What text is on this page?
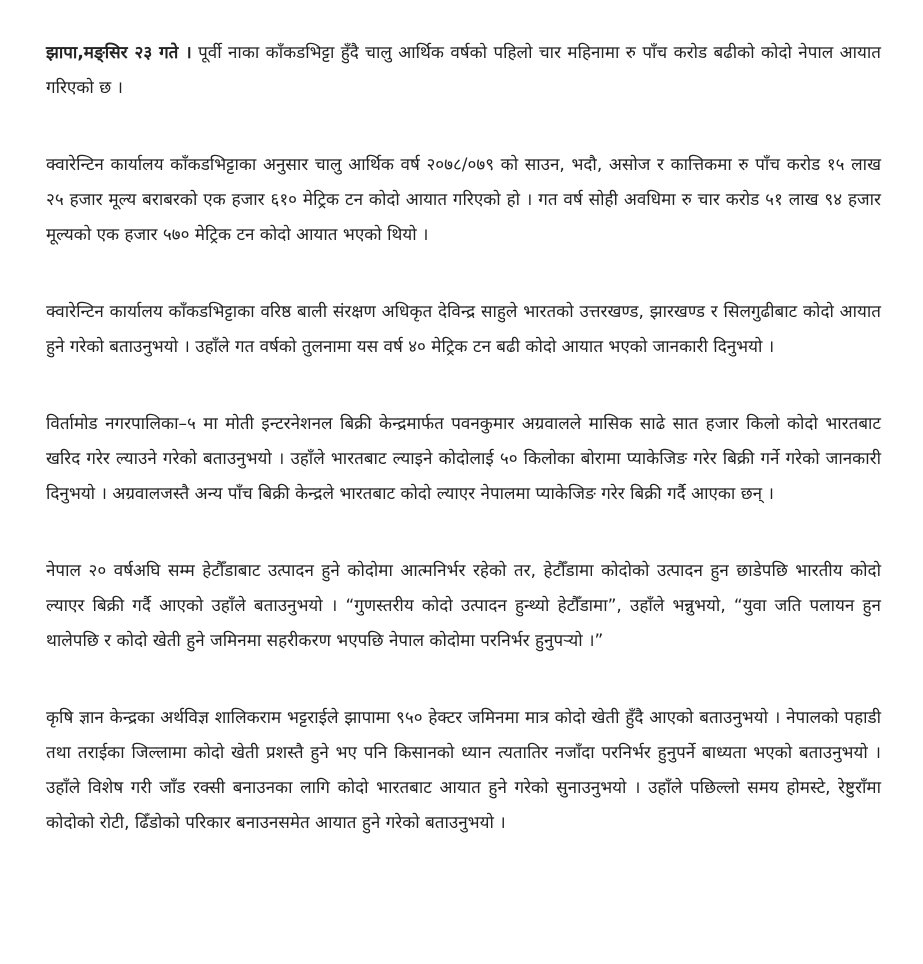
झापा,मङ्सिर २३ गते । पूर्वी नाका काँकडभिट्टा हुँदै चालु आर्थिक वर्षको पहिलो चार महिनामा रु पाँच करोड बढीको कोदो नेपाल आयात गरिएको छ ।

क्वारेन्टिन कार्यालय काँकडभिट्टाका अनुसार चालु आर्थिक वर्ष २०७८/०७९ को साउन, भदौ, असोज र कात्तिकमा रु पाँच करोड १५ लाख २५ हजार मूल्य बराबरको एक हजार ६१० मेट्रिक टन कोदो आयात गरिएको हो । गत वर्ष सोही अवधिमा रु चार करोड ५१ लाख ९४ हजार मूल्यको एक हजार ५७० मेट्रिक टन कोदो आयात भएको थियो ।

क्वारेन्टिन कार्यालय काँकडभिट्टाका वरिष्ठ बाली संरक्षण अधिकृत देविन्द्र साहुले भारतको उत्तरखण्ड, झारखण्ड र सिलगुढीबाट कोदो आयात हुने गरेको बताउनुभयो । उहाँले गत वर्षको तुलनामा यस वर्ष ४० मेट्रिक टन बढी कोदो आयात भएको जानकारी दिनुभयो ।

विर्तामोड नगरपालिका–५ मा मोती इन्टरनेशनल बिक्री केन्द्रमार्फत पवनकुमार अग्रवालले मासिक साढे सात हजार किलो कोदो भारतबाट खरिद गरेर ल्याउने गरेको बताउनुभयो । उहाँले भारतबाट ल्याइने कोदोलाई ५० किलोका बोरामा प्याकेजिङ गरेर बिक्री गर्ने गरेको जानकारी दिनुभयो । अग्रवालजस्तै अन्य पाँच बिक्री केन्द्रले भारतबाट कोदो ल्याएर नेपालमा प्याकेजिङ गरेर बिक्री गर्दै आएका छन् ।

नेपाल २० वर्षअघि सम्म हेटौँडाबाट उत्पादन हुने कोदोमा आत्मनिर्भर रहेको तर, हेटौँडामा कोदोको उत्पादन हुन छाडेपछि भारतीय कोदो ल्याएर बिक्री गर्दै आएको उहाँले बताउनुभयो । “गुणस्तरीय कोदो उत्पादन हुन्थ्यो हेटौँडामा”, उहाँले भन्नुभयो, “युवा जति पलायन हुन थालेपछि र कोदो खेती हुने जमिनमा सहरीकरण भएपछि नेपाल कोदोमा परनिर्भर हुनुपर्‍यो ।”

कृषि ज्ञान केन्द्रका अर्थविज्ञ शालिकराम भट्टराईले झापामा ९५० हेक्टर जमिनमा मात्र कोदो खेती हुँदै आएको बताउनुभयो । नेपालको पहाडी तथा तराईका जिल्लामा कोदो खेती प्रशस्तै हुने भए पनि किसानको ध्यान त्यतातिर नजाँदा परनिर्भर हुनुपर्ने बाध्यता भएको बताउनुभयो । उहाँले विशेष गरी जाँड रक्सी बनाउनका लागि कोदो भारतबाट आयात हुने गरेको सुनाउनुभयो । उहाँले पछिल्लो समय होमस्टे, रेष्टुराँमा कोदोको रोटी, ढिँडोको परिकार बनाउनसमेत आयात हुने गरेको बताउनुभयो ।
